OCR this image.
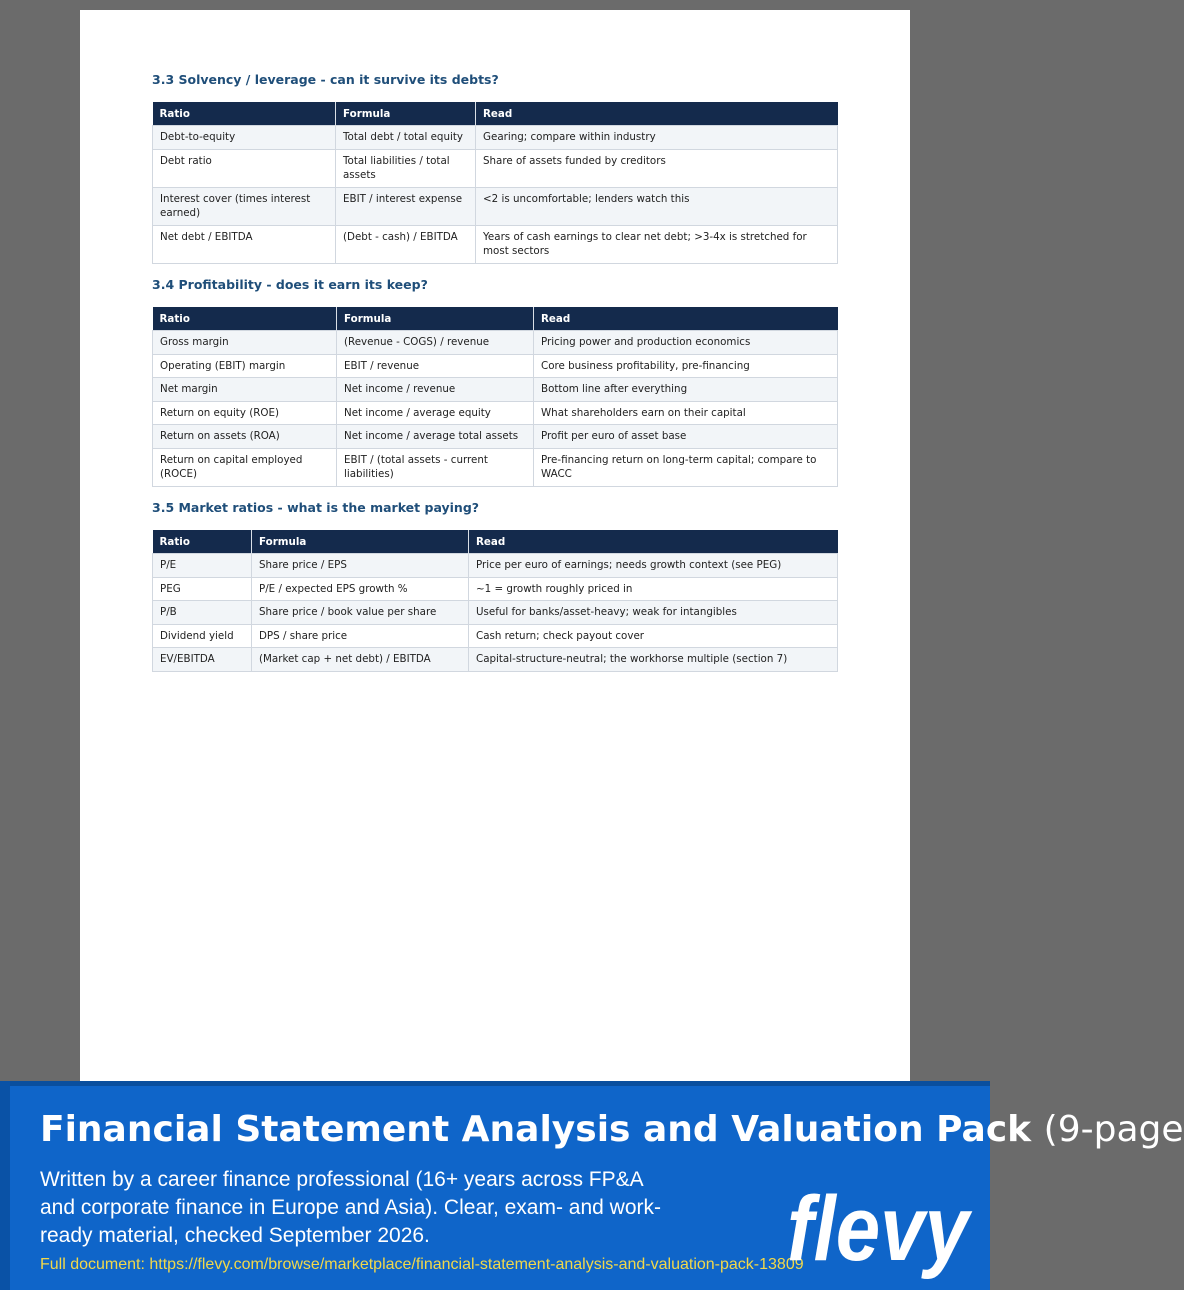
3.3 Solvency / leverage - can it survive its debts?
Ratio	Formula	Read
Debt-to-equity	Total debt / total equity	Gearing; compare within industry
Debt ratio	Total liabilities / total assets	Share of assets funded by creditors
Interest cover (times interest earned)	EBIT / interest expense	<2 is uncomfortable; lenders watch this
Net debt / EBITDA	(Debt - cash) / EBITDA	Years of cash earnings to clear net debt; >3-4x is stretched for most sectors
3.4 Profitability - does it earn its keep?
Ratio	Formula	Read
Gross margin	(Revenue - COGS) / revenue	Pricing power and production economics
Operating (EBIT) margin	EBIT / revenue	Core business profitability, pre-financing
Net margin	Net income / revenue	Bottom line after everything
Return on equity (ROE)	Net income / average equity	What shareholders earn on their capital
Return on assets (ROA)	Net income / average total assets	Profit per euro of asset base
Return on capital employed (ROCE)	EBIT / (total assets - current liabilities)	Pre-financing return on long-term capital; compare to WACC
3.5 Market ratios - what is the market paying?
Ratio	Formula	Read
P/E	Share price / EPS	Price per euro of earnings; needs growth context (see PEG)
PEG	P/E / expected EPS growth %	~1 = growth roughly priced in
P/B	Share price / book value per share	Useful for banks/asset-heavy; weak for intangibles
Dividend yield	DPS / share price	Cash return; check payout cover
EV/EBITDA	(Market cap + net debt) / EBITDA	Capital-structure-neutral; the workhorse multiple (section 7)
Financial Statement Analysis and Valuation Pack (9-page
Written by a career finance professional (16+ years across FP&A and corporate finance in Europe and Asia). Clear, exam- and work-ready material, checked September 2026.
Full document: https://flevy.com/browse/marketplace/financial-statement-analysis-and-valuation-pack-13809
flevy
